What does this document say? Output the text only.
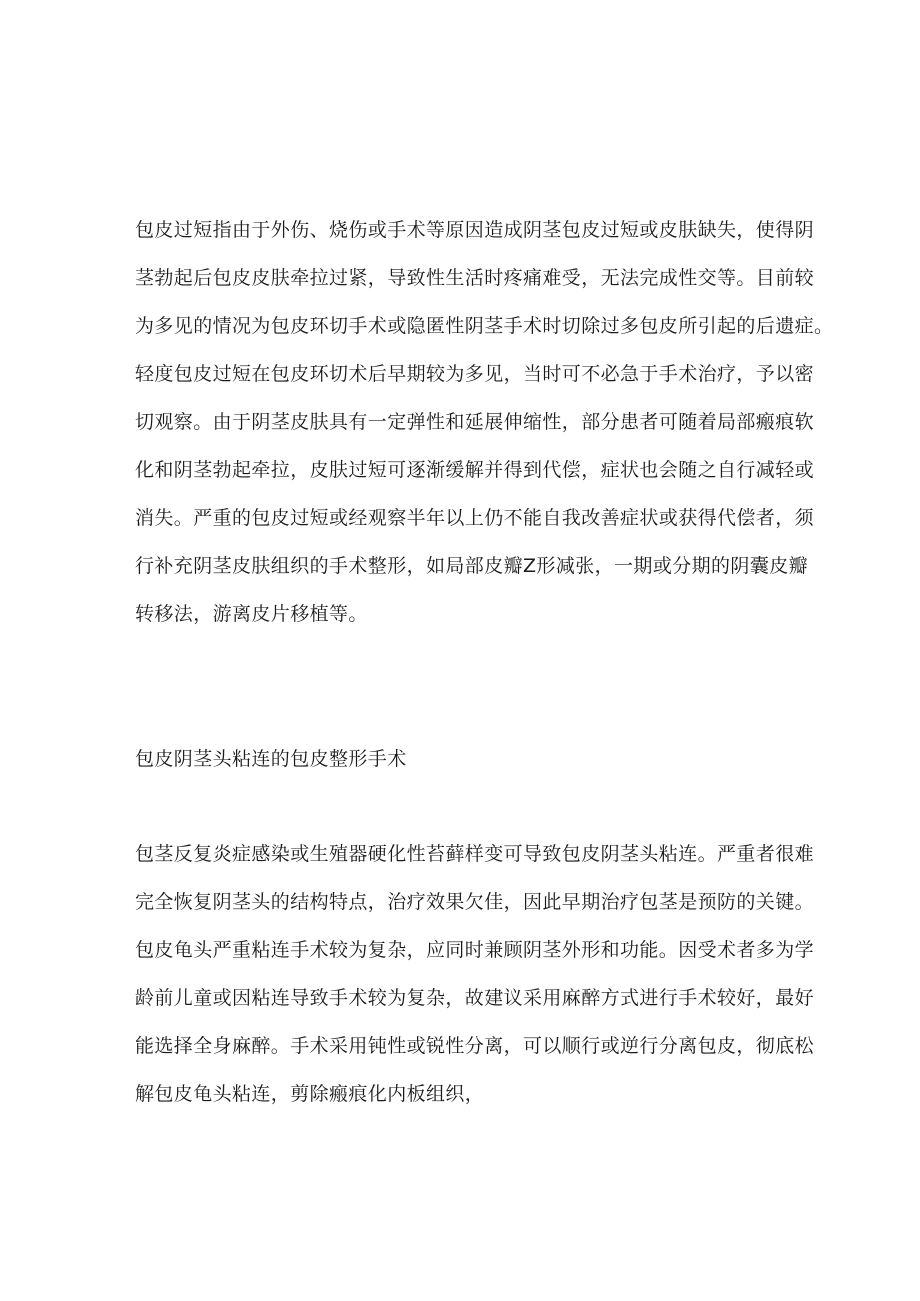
包皮过短指由于外伤、烧伤或手术等原因造成阴茎包皮过短或皮肤缺失，使得阴
茎勃起后包皮皮肤牵拉过紧，导致性生活时疼痛难受，无法完成性交等。目前较
为多见的情况为包皮环切手术或隐匿性阴茎手术时切除过多包皮所引起的后遗症。
轻度包皮过短在包皮环切术后早期较为多见，当时可不必急于手术治疗，予以密
切观察。由于阴茎皮肤具有一定弹性和延展伸缩性，部分患者可随着局部瘢痕软
化和阴茎勃起牵拉，皮肤过短可逐渐缓解并得到代偿，症状也会随之自行减轻或
消失。严重的包皮过短或经观察半年以上仍不能自我改善症状或获得代偿者，须
行补充阴茎皮肤组织的手术整形，如局部皮瓣Z形减张，一期或分期的阴囊皮瓣
转移法，游离皮片移植等。
包皮阴茎头粘连的包皮整形手术
包茎反复炎症感染或生殖器硬化性苔藓样变可导致包皮阴茎头粘连。严重者很难
完全恢复阴茎头的结构特点，治疗效果欠佳，因此早期治疗包茎是预防的关键。
包皮龟头严重粘连手术较为复杂，应同时兼顾阴茎外形和功能。因受术者多为学
龄前儿童或因粘连导致手术较为复杂，故建议采用麻醉方式进行手术较好，最好
能选择全身麻醉。手术采用钝性或锐性分离，可以顺行或逆行分离包皮，彻底松
解包皮龟头粘连，剪除瘢痕化内板组织，
